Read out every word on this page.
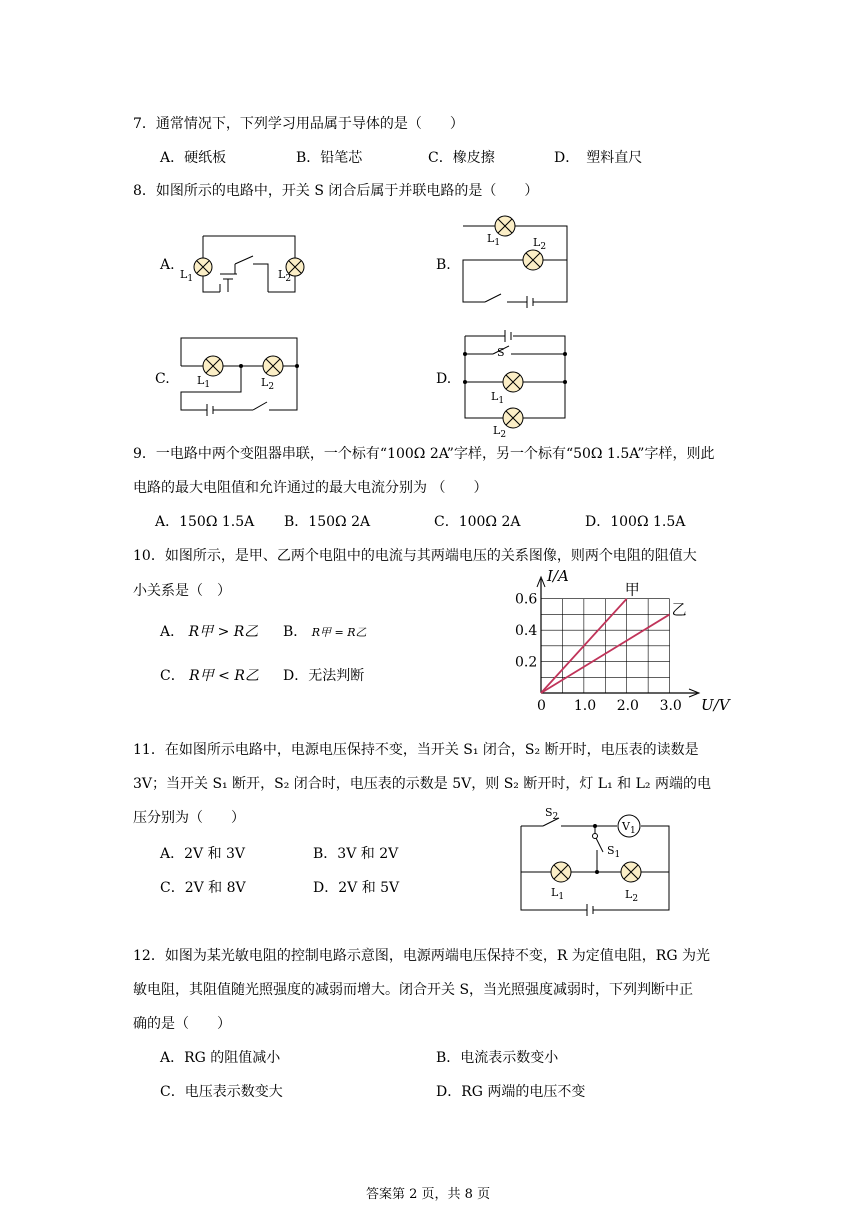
7．通常情况下，下列学习用品属于导体的是（　　）
A．硬纸板	B．铅笔芯	C．橡皮擦	D．　塑料直尺
8．如图所示的电路中，开关 S 闭合后属于并联电路的是（　　）
A.
$L_1$	$L_2$
B.
$L_1$	$L_2$
C. $L_1$	$L_2$	D.
S
$L_1$
$L_2$
9．一电路中两个变阻器串联，一个标有“100Ω 2A”字样，另一个标有“50Ω 1.5A”字样，则此
电路的最大电阻值和允许通过的最大电流分别为 （　　）
A．150Ω 1.5A B．150Ω 2A	C．100Ω 2A	D．100Ω 1.5A
10．如图所示，是甲、乙两个电阻中的电流与其两端电压的关系图像，则两个电阻的阻值大
小关系是（　）
A． R甲 > R乙 B． R甲 = R乙
C． R甲 < R乙 D．无法判断
0 1.0 2.0 3.0
0.2
0.4
0.6
I/A
U/V
甲
乙
11．在如图所示电路中，电源电压保持不变，当开关 S₁ 闭合，S₂ 断开时，电压表的读数是
3V；当开关 S₁ 断开，S₂ 闭合时，电压表的示数是 5V，则 S₂ 断开时，灯 L₁ 和 L₂ 两端的电
压分别为（　　）
A．2V 和 3V	B．3V 和 2V
C．2V 和 8V	D．2V 和 5V
$V_1$
$S_2$
$S_1$
$L_1$	$L_2$
12．如图为某光敏电阻的控制电路示意图，电源两端电压保持不变，R 为定值电阻，RG 为光
敏电阻，其阻值随光照强度的减弱而增大。闭合开关 S，当光照强度减弱时，下列判断中正
确的是（　　）
A．RG 的阻值减小	B．电流表示数变小
C．电压表示数变大	D．RG 两端的电压不变
答案第 2 页，共 8 页
